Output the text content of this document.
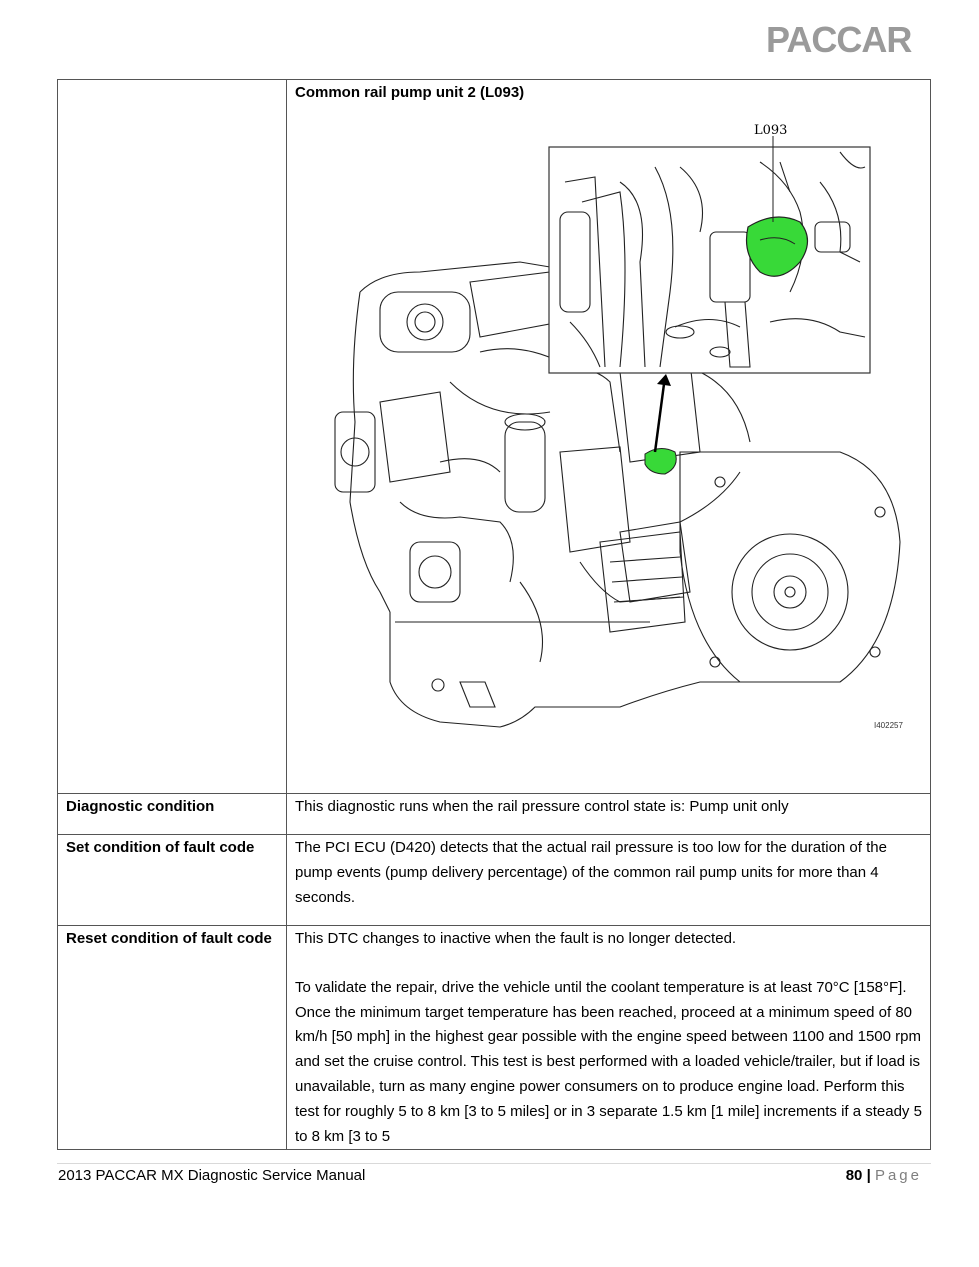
PACCAR

	Common rail pump unit 2 (L093)

Diagnostic condition	This diagnostic runs when the rail pressure control state is: Pump unit only

Set condition of fault code	The PCI ECU (D420) detects that the actual rail pressure is too low for the duration of the pump events (pump delivery percentage) of the common rail pump units for more than 4 seconds.

Reset condition of fault code	This DTC changes to inactive when the fault is no longer detected.
To validate the repair, drive the vehicle until the coolant temperature is at least 70°C [158°F]. Once the minimum target temperature has been reached, proceed at a minimum speed of 80 km/h [50 mph] in the highest gear possible with the engine speed between 1100 and 1500 rpm and set the cruise control. This test is best performed with a loaded vehicle/trailer, but if load is unavailable, turn as many engine power consumers on to produce engine load. Perform this test for roughly 5 to 8 km [3 to 5 miles] or in 3 separate 1.5 km [1 mile] increments if a steady 5 to 8 km [3 to 5
L093
I402257
2013 PACCAR MX Diagnostic Service Manual	80 | Page
